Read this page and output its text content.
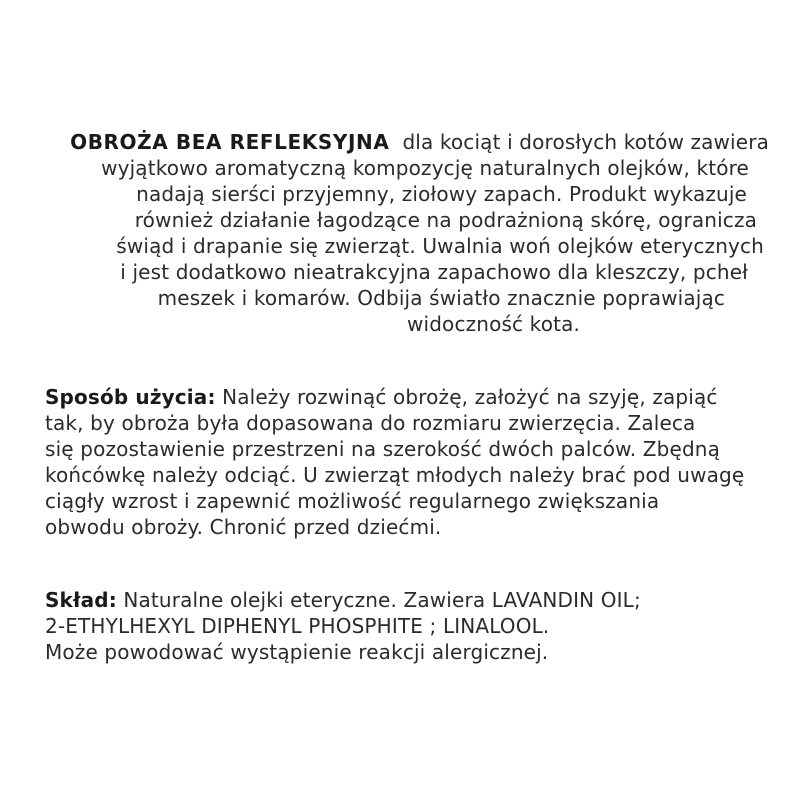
OBROŻA BEA REFLEKSYJNA dla kociąt i dorosłych kotów zawiera
wyjątkowo aromatyczną kompozycję naturalnych olejków, które
nadają sierści przyjemny, ziołowy zapach. Produkt wykazuje
również działanie łagodzące na podrażnioną skórę, ogranicza
świąd i drapanie się zwierząt. Uwalnia woń olejków eterycznych
i jest dodatkowo nieatrakcyjna zapachowo dla kleszczy, pcheł
meszek i komarów. Odbija światło znacznie poprawiając
widoczność kota.
Sposób użycia: Należy rozwinąć obrożę, założyć na szyję, zapiąć
tak, by obroża była dopasowana do rozmiaru zwierzęcia. Zaleca
się pozostawienie przestrzeni na szerokość dwóch palców. Zbędną
końcówkę należy odciąć. U zwierząt młodych należy brać pod uwagę
ciągły wzrost i zapewnić możliwość regularnego zwiększania
obwodu obroży. Chronić przed dziećmi.
Skład: Naturalne olejki eteryczne. Zawiera LAVANDIN OIL;
2-ETHYLHEXYL DIPHENYL PHOSPHITE ; LINALOOL.
Może powodować wystąpienie reakcji alergicznej.
